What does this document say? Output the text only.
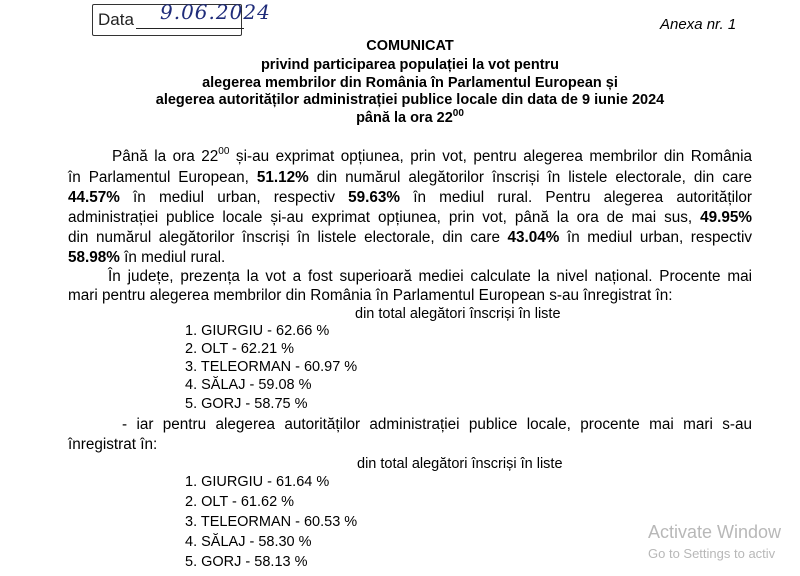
Data 9.06.2024
Anexa nr. 1
COMUNICAT
privind participarea populației la vot pentru
alegerea membrilor din România în Parlamentul European și
alegerea autorităților administrației publice locale din data de 9 iunie 2024
până la ora $22^{00}$
Până la ora $22^{00}$ și-au exprimat opțiunea, prin vot, pentru alegerea membrilor din România
în Parlamentul European, 51.12% din numărul alegătorilor înscriși în listele electorale, din care
44.57% în mediul urban, respectiv 59.63% în mediul rural. Pentru alegerea autorităților
administrației publice locale și-au exprimat opțiunea, prin vot, până la ora de mai sus, 49.95%
din numărul alegătorilor înscriși în listele electorale, din care 43.04% în mediul urban, respectiv
58.98% în mediul rural.
În județe, prezența la vot a fost superioară mediei calculate la nivel național. Procente mai
mari pentru alegerea membrilor din România în Parlamentul European s-au înregistrat în:
din total alegători înscriși în liste
1. GIURGIU - 62.66 %
2. OLT - 62.21 %
3. TELEORMAN - 60.97 %
4. SĂLAJ - 59.08 %
5. GORJ - 58.75 %
- iar pentru alegerea autorităților administrației publice locale, procente mai mari s-au
înregistrat în:
din total alegători înscriși în liste
1. GIURGIU - 61.64 %
2. OLT - 61.62 %
3. TELEORMAN - 60.53 %
4. SĂLAJ - 58.30 %
5. GORJ - 58.13 %
Activate Window
Go to Settings to activ
